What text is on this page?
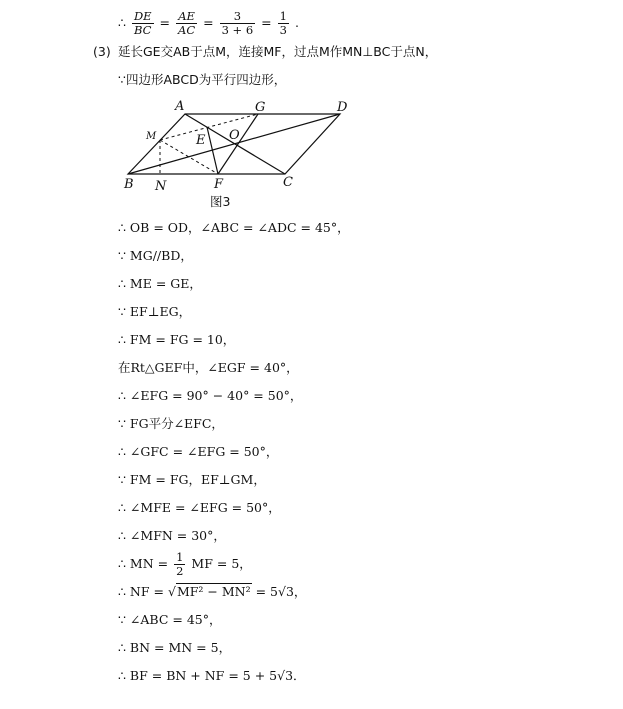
∴ $\frac{DE}{BC} = \frac{AE}{AC} = \frac{3}{3 + 6} = \frac{1}{3}$ .
(3) 延长GE交AB于点M，连接MF，过点M作MN⊥BC于点N，
∵四边形ABCD为平行四边形，
A	G	D
M	E O
B N	F	C
图3
∴ OB = OD，∠ABC = ∠ADC = 45°，
∵ MG//BD，
∴ ME = GE，
∵ EF⊥EG，
∴ FM = FG = 10，
在Rt△GEF中，∠EGF = 40°，
∴ ∠EFG = 90° − 40° = 50°，
∵ FG平分∠EFC，
∴ ∠GFC = ∠EFG = 50°，
∵ FM = FG，EF⊥GM，
∴ ∠MFE = ∠EFG = 50°，
∴ ∠MFN = 30°，
∴ MN = $\frac{1}{2}$ MF = 5，
∴ NF = √MF² − MN² = 5√3，
∵ ∠ABC = 45°，
∴ BN = MN = 5，
∴ BF = BN + NF = 5 + 5√3．
